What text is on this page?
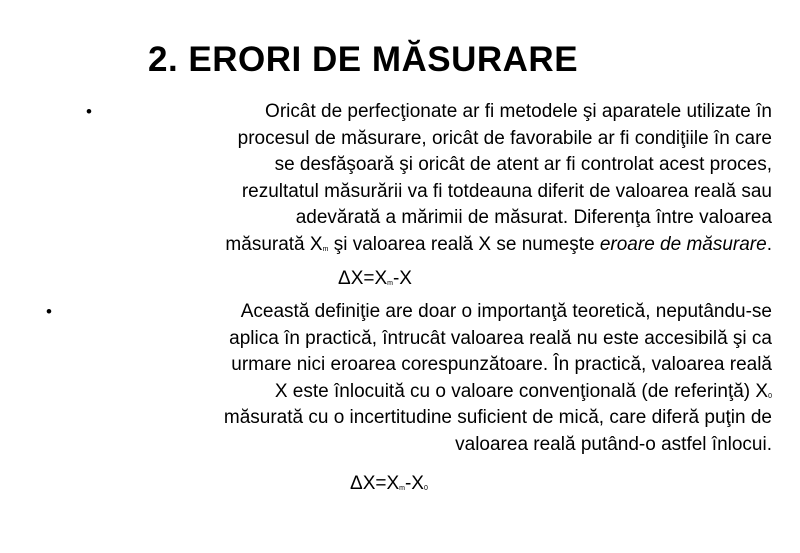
2. ERORI DE MĂSURARE
•	Oricât de perfecţionate ar fi metodele şi aparatele utilizate în
procesul de măsurare, oricât de favorabile ar fi condiţiile în care
se desfăşoară şi oricât de atent ar fi controlat acest proces,
rezultatul măsurării va fi totdeauna diferit de valoarea reală sau
adevărată a mărimii de măsurat. Diferenţa între valoarea
măsurată $X_m$ şi valoarea reală X se numeşte eroare de măsurare.
$\Delta X=X_m-X$
•	Această definiţie are doar o importanţă teoretică, neputându-se
aplica în practică, întrucât valoarea reală nu este accesibilă şi ca
urmare nici eroarea corespunzătoare. În practică, valoarea reală
X este înlocuită cu o valoare convenţională (de referinţă) $X_0$
măsurată cu o incertitudine suficient de mică, care diferă puţin de
valoarea reală putând-o astfel înlocui.
$\Delta X=X_m-X_0$
